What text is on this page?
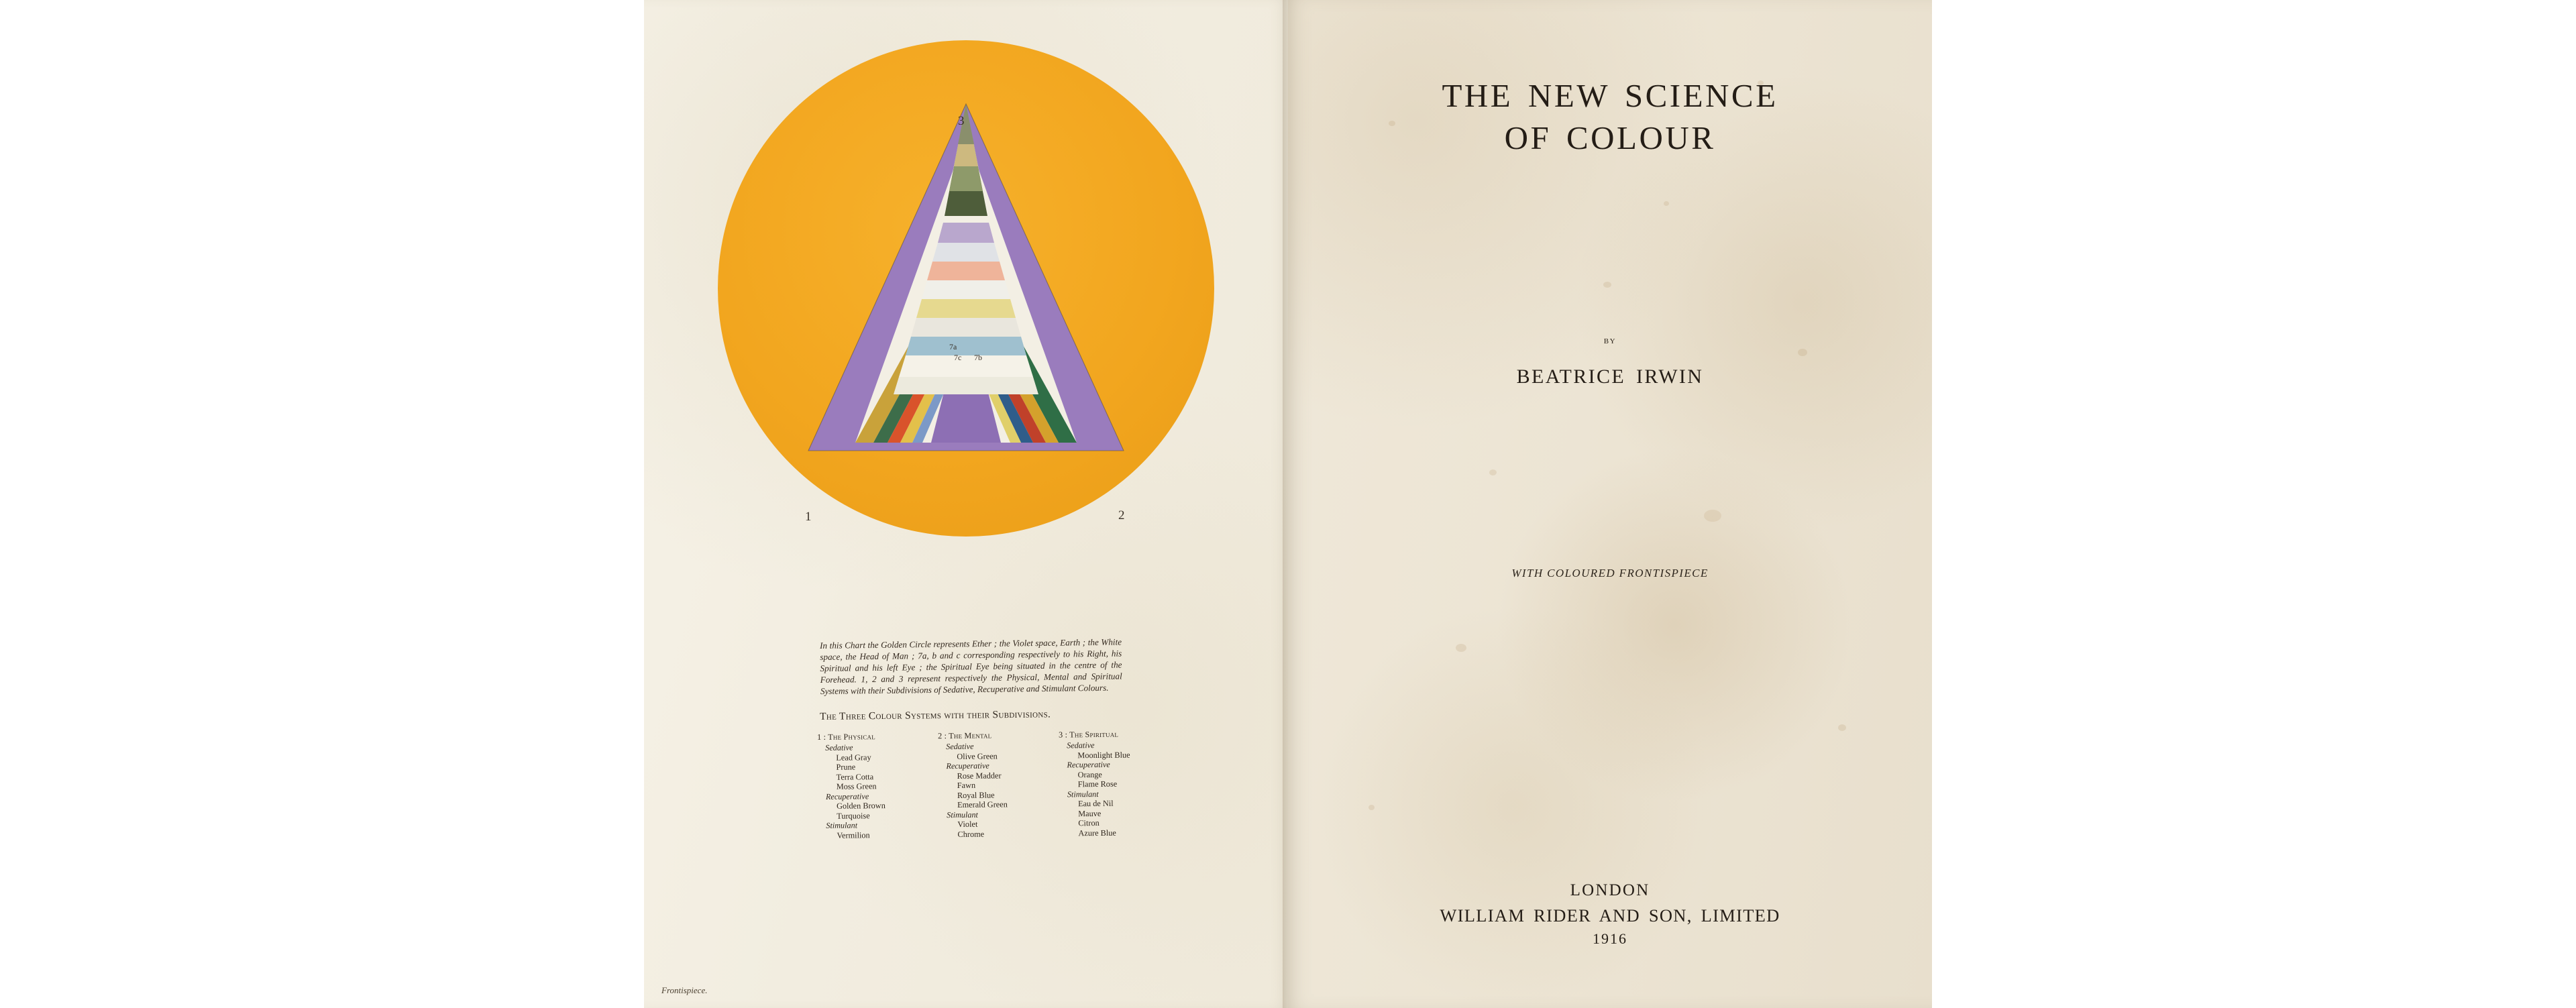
3
1	2
7a
7c 7b
In this Chart the Golden Circle represents Ether ; the Violet space, Earth ; the White space, the Head of Man ; 7a, b and c corresponding respectively to his Right, his Spiritual and his left Eye ; the Spiritual Eye being situated in the centre of the Forehead. 1, 2 and 3 represent respectively the Physical, Mental and Spiritual Systems with their Subdivisions of Sedative, Recuperative and Stimulant Colours.
The Three Colour Systems with their Subdivisions.
1 : The Physical
Sedative
Lead Gray
Prune
Terra Cotta
Moss Green
Recuperative
Golden Brown
Turquoise
Stimulant
Vermilion
2 : The Mental
Sedative
Olive Green
Recuperative
Rose Madder
Fawn
Royal Blue
Emerald Green
Stimulant
Violet
Chrome
3 : The Spiritual
Sedative
Moonlight Blue
Recuperative
Orange
Flame Rose
Stimulant
Eau de Nil
Mauve
Citron
Azure Blue
Frontispiece.
THE NEW SCIENCE
OF COLOUR
by
BEATRICE IRWIN
WITH COLOURED FRONTISPIECE
LONDON
WILLIAM RIDER AND SON, LIMITED
1916
